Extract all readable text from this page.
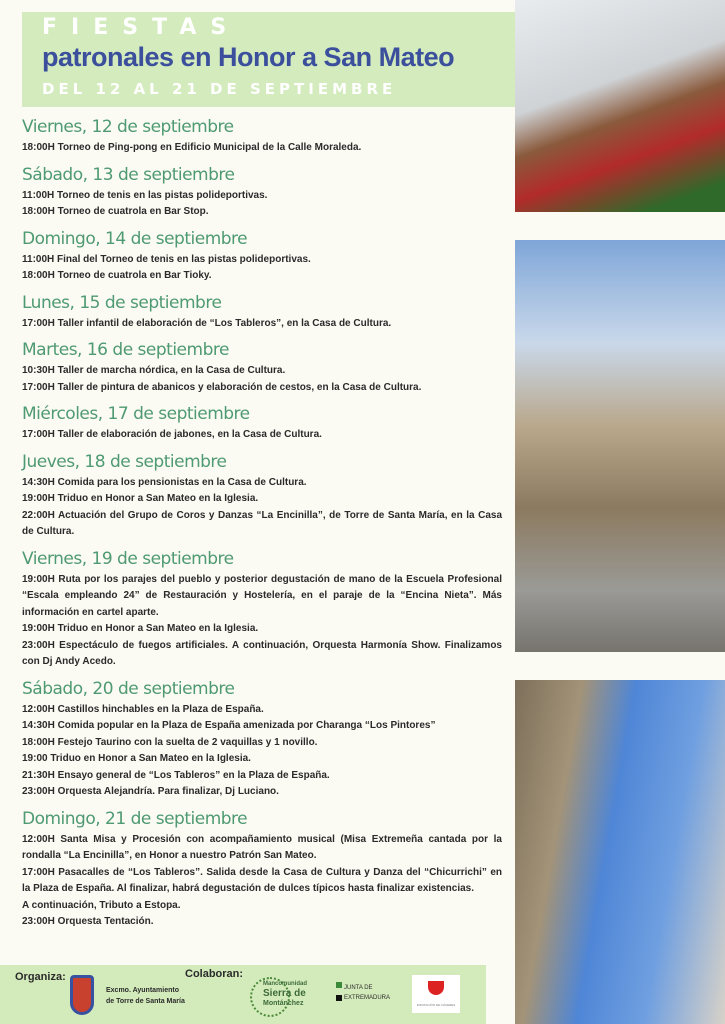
FIESTAS
patronales en Honor a San Mateo
DEL 12 AL 21 DE SEPTIEMBRE
Viernes, 12 de septiembre
18:00H Torneo de Ping-pong en Edificio Municipal de la Calle Moraleda.
Sábado, 13 de septiembre
11:00H Torneo de tenis en las pistas polideportivas.
18:00H Torneo de cuatrola en Bar Stop.
Domingo, 14 de septiembre
11:00H Final del Torneo de tenis en las pistas polideportivas.
18:00H Torneo de cuatrola en Bar Tioky.
Lunes, 15 de septiembre
17:00H Taller infantil de elaboración de “Los Tableros”, en la Casa de Cultura.
Martes, 16 de septiembre
10:30H Taller de marcha nórdica, en la Casa de Cultura.
17:00H Taller de pintura de abanicos y elaboración de cestos, en la Casa de Cultura.
Miércoles, 17 de septiembre
17:00H Taller de elaboración de jabones, en la Casa de Cultura.
Jueves, 18 de septiembre
14:30H Comida para los pensionistas en la Casa de Cultura.
19:00H Triduo en Honor a San Mateo en la Iglesia.
22:00H Actuación del Grupo de Coros y Danzas “La Encinilla”, de Torre de Santa María, en la Casa de Cultura.
Viernes, 19 de septiembre
19:00H Ruta por los parajes del pueblo y posterior degustación de mano de la Escuela Profesional “Escala empleando 24” de Restauración y Hostelería, en el paraje de la “Encina Nieta”. Más información en cartel aparte.
19:00H Triduo en Honor a San Mateo en la Iglesia.
23:00H Espectáculo de fuegos artificiales. A continuación, Orquesta Harmonía Show. Finalizamos con Dj Andy Acedo.
Sábado, 20 de septiembre
12:00H Castillos hinchables en la Plaza de España.
14:30H Comida popular en la Plaza de España amenizada por Charanga “Los Pintores”
18:00H Festejo Taurino con la suelta de 2 vaquillas y 1 novillo.
19:00 Triduo en Honor a San Mateo en la Iglesia.
21:30H Ensayo general de “Los Tableros” en la Plaza de España.
23:00H Orquesta Alejandría. Para finalizar, Dj Luciano.
Domingo, 21 de septiembre
12:00H Santa Misa y Procesión con acompañamiento musical (Misa Extremeña cantada por la rondalla “La Encinilla”, en Honor a nuestro Patrón San Mateo.
17:00H Pasacalles de “Los Tableros”. Salida desde la Casa de Cultura y Danza del “Chicurrichi” en la Plaza de España. Al finalizar, habrá degustación de dulces típicos hasta finalizar existencias.
A continuación, Tributo a Estopa.
23:00H Orquesta Tentación.
Organiza:
Excmo. Ayuntamiento
de Torre de Santa María
Colaboran:
Mancomunidad
Sierra de
Montánchez
JUNTA DE
EXTREMADURA
DIPUTACIÓN DE CÁCERES
